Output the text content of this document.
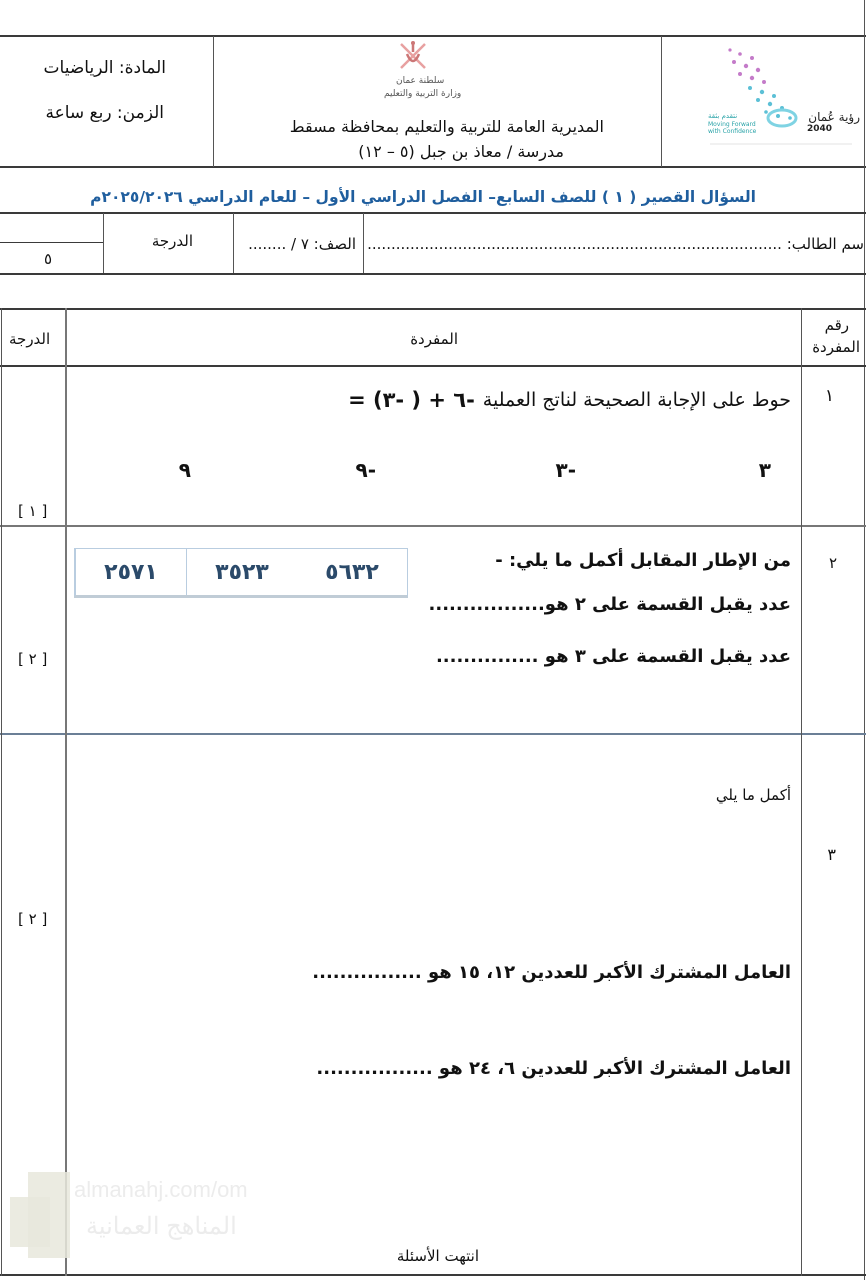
المادة: الرياضيات
الزمن: ربع ساعة
سلطنة عمان
وزارة التربية والتعليم
المديرية العامة للتربية والتعليم بمحافظة مسقط
مدرسة / معاذ بن جبل (٥ – ١٢)
رؤية عُمان
2040
نتقدم بثقة
Moving Forward
with Confidence
السؤال القصير ( ١ ) للصف السابع– الفصل الدراسي الأول – للعام الدراسي ٢٠٢٥/٢٠٢٦م
سم الطالب: .......................................................................................
الصف: ٧ / ........
الدرجة
٥
رقم
المفردة
المفردة
الدرجة
١
حوط على الإجابة الصحيحة لناتج العملية
-٦ + ( -٣) =
٣
-٣
-٩
٩
[ ١ ]
٢
من الإطار المقابل أكمل ما يلي: -
عدد يقبل القسمة على ٢ هو.................
عدد يقبل القسمة على ٣ هو ...............
٢٥٧١	٣٥٢٣	٥٦٣٢
[ ٢ ]
٣
أكمل ما يلي
العامل المشترك الأكبر للعددين ١٢، ١٥ هو ................
العامل المشترك الأكبر للعددين ٦، ٢٤ هو .................
[ ٢ ]
انتهت الأسئلة
almanahj.com/om
المناهج العمانية
